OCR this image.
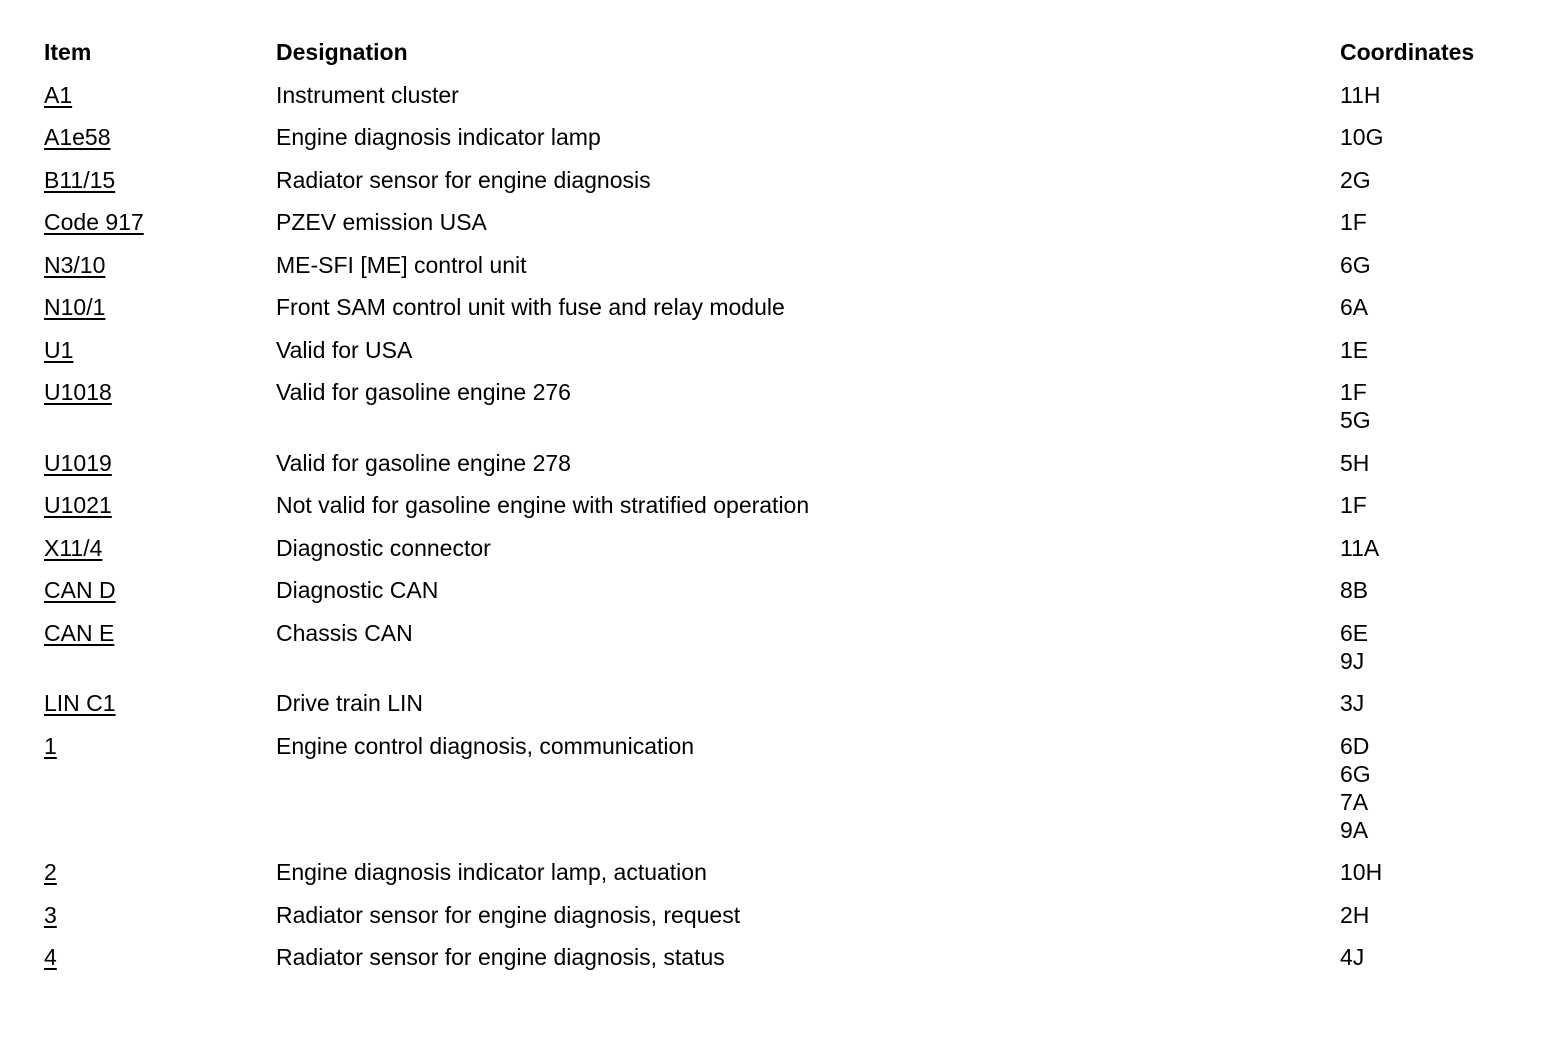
Item	Designation	Coordinates
A1	Instrument cluster	11H

A1e58	Engine diagnosis indicator lamp	10G

B11/15	Radiator sensor for engine diagnosis	2G

Code 917	PZEV emission USA	1F

N3/10	ME-SFI [ME] control unit	6G

N10/1	Front SAM control unit with fuse and relay module	6A

U1	Valid for USA	1E

U1018	Valid for gasoline engine 276	1F
5G

U1019	Valid for gasoline engine 278	5H

U1021	Not valid for gasoline engine with stratified operation	1F

X11/4	Diagnostic connector	11A

CAN D	Diagnostic CAN	8B

CAN E	Chassis CAN	6E
9J

LIN C1	Drive train LIN	3J

1	Engine control diagnosis, communication	6D
6G
7A
9A

2	Engine diagnosis indicator lamp, actuation	10H

3	Radiator sensor for engine diagnosis, request	2H

4	Radiator sensor for engine diagnosis, status	4J
